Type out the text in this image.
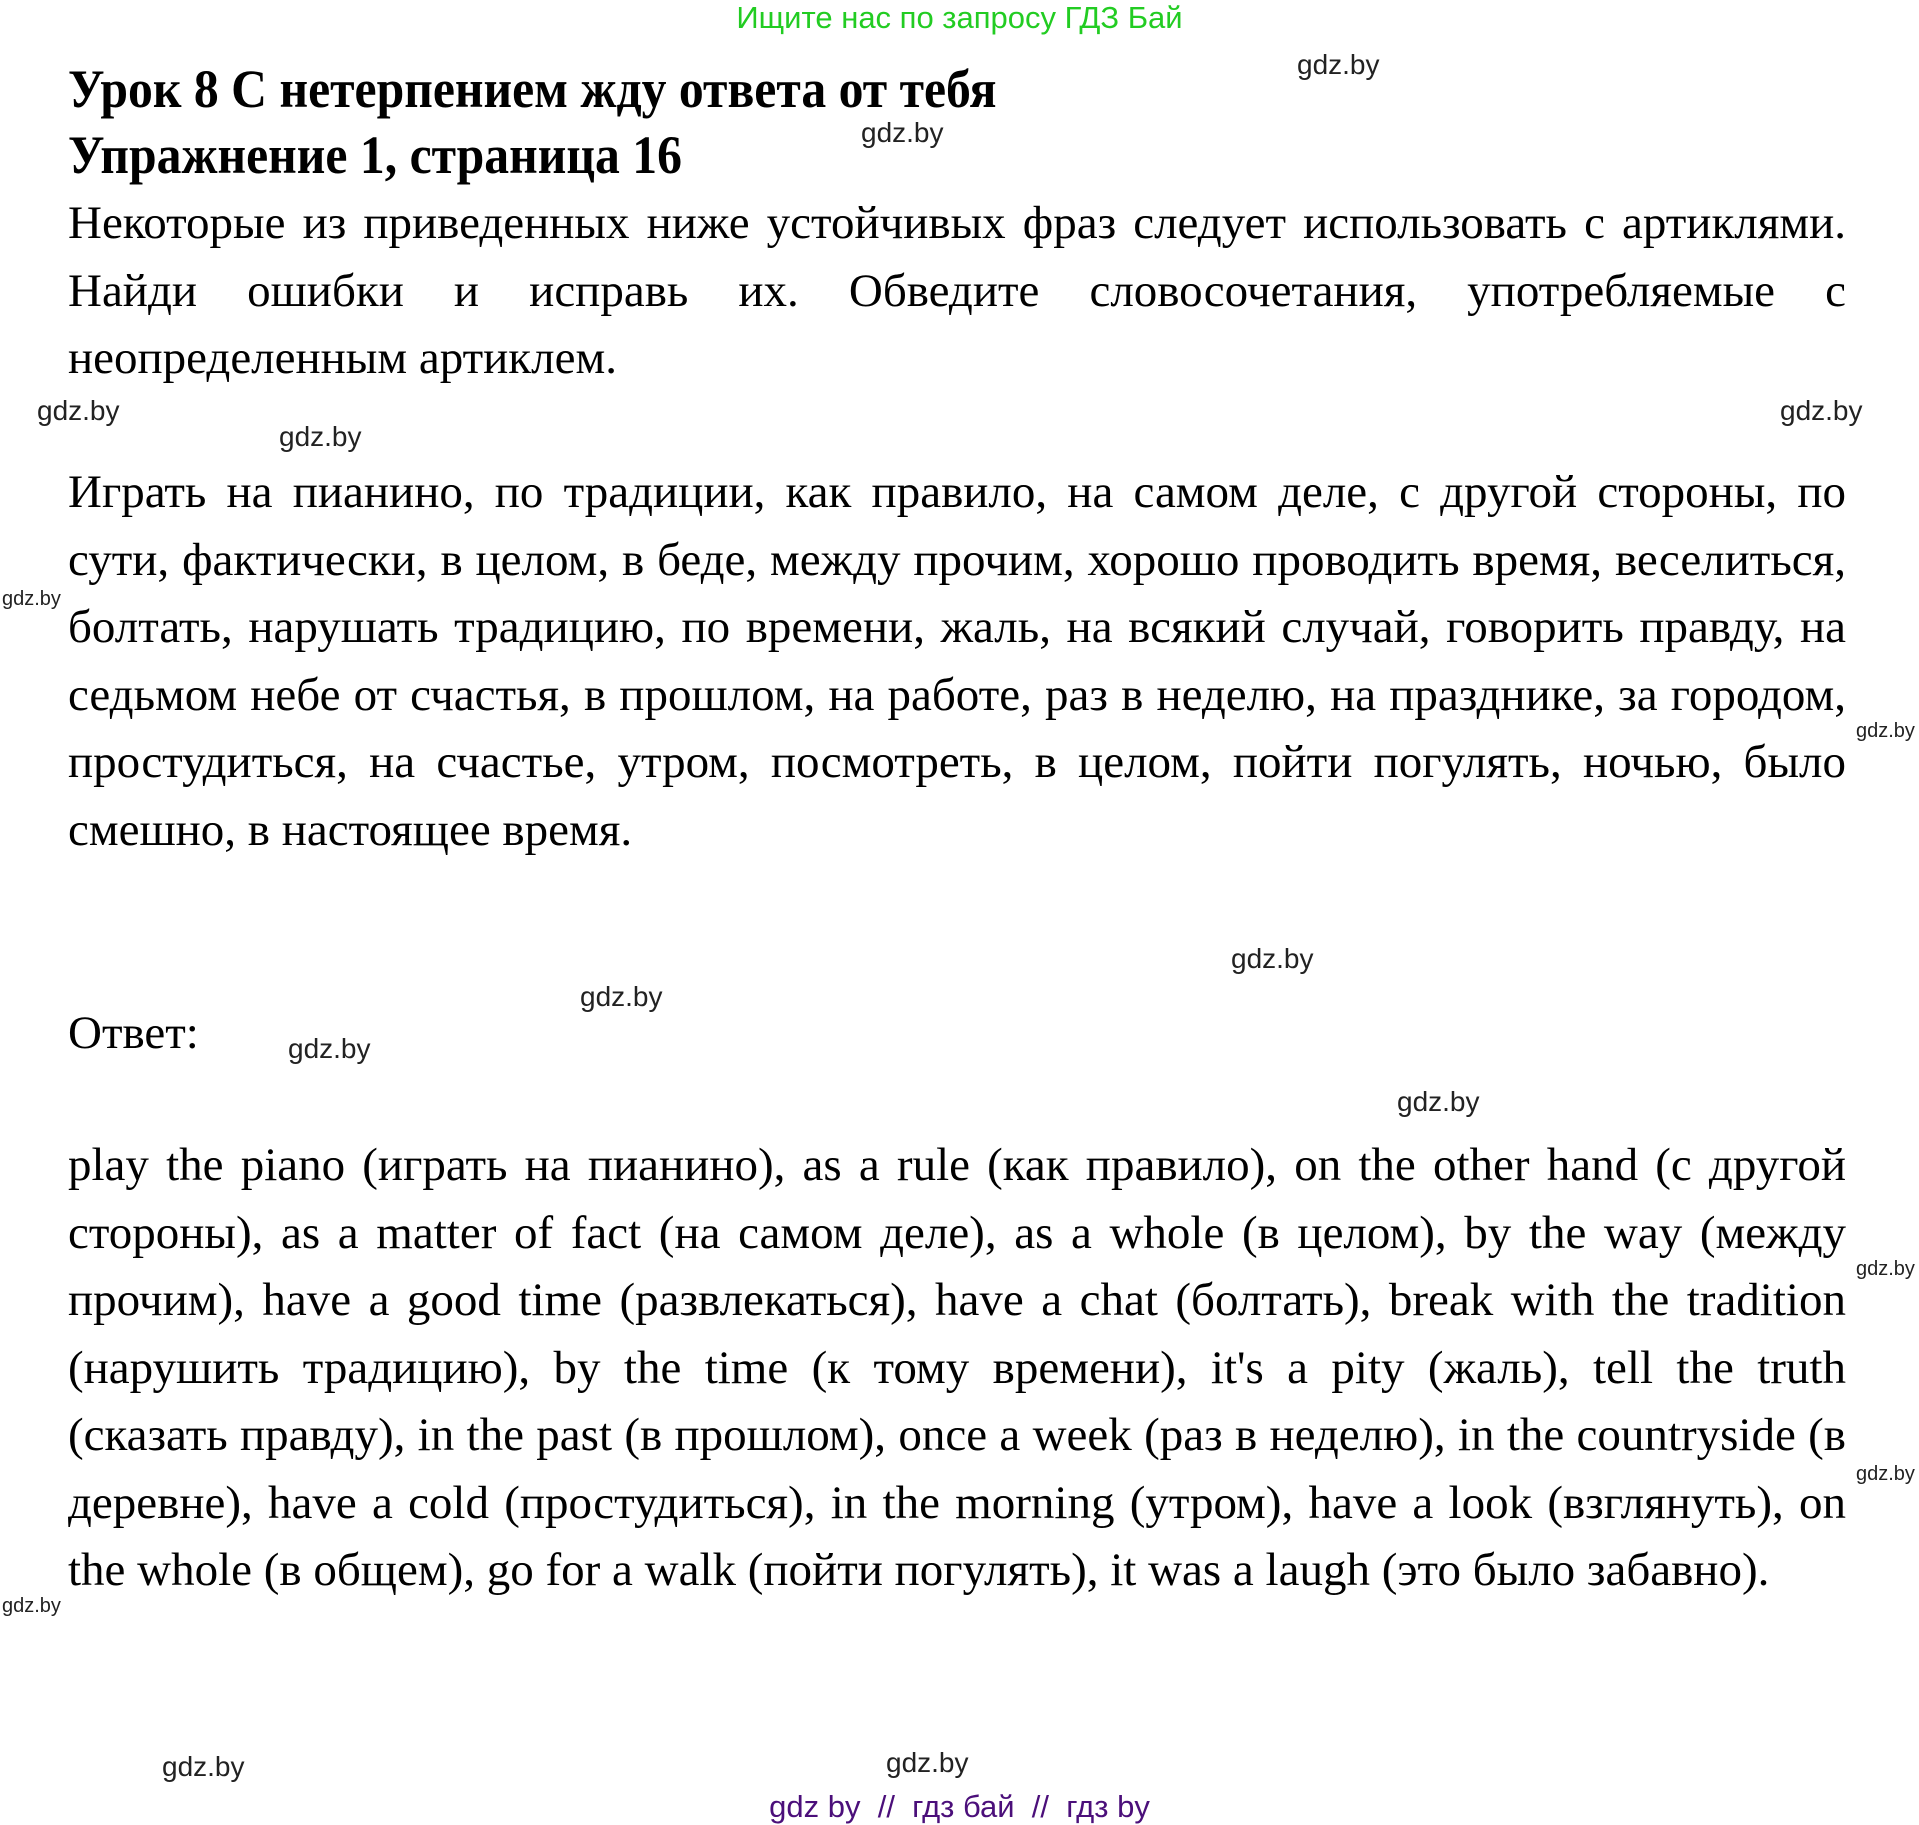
Ищите нас по запросу ГДЗ Бай
Урок 8 С нетерпением жду ответа от тебя
Упражнение 1, страница 16
Некоторые из приведенных ниже устойчивых фраз следует использовать с артиклями. Найди ошибки и исправь их. Обведите словосочетания, употребляемые с неопределенным артиклем.
Играть на пианино, по традиции, как правило, на самом деле, с другой стороны, по сути, фактически, в целом, в беде, между прочим, хорошо проводить время, веселиться, болтать, нарушать традицию, по времени, жаль, на всякий случай, говорить правду, на седьмом небе от счастья, в прошлом, на работе, раз в неделю, на празднике, за городом, простудиться, на счастье, утром, посмотреть, в целом, пойти погулять, ночью, было смешно, в настоящее время.
Ответ:
play the piano (играть на пианино), as a rule (как правило), on the other hand (с другой стороны), as a matter of fact (на самом деле), as a whole (в целом), by the way (между прочим), have a good time (развлекаться), have a chat (болтать), break with the tradition (нарушить традицию), by the time (к тому времени), it's a pity (жаль), tell the truth (сказать правду), in the past (в прошлом), once a week (раз в неделю), in the countryside (в деревне), have a cold (простудиться), in the morning (утром), have a look (взглянуть), on the whole (в общем), go for a walk (пойти погулять), it was a laugh (это было забавно).
gdz.by
gdz.by
gdz.by
gdz.by
gdz.by
gdz.by
gdz.by
gdz.by
gdz.by
gdz.by
gdz.by
gdz.by
gdz.by
gdz.by
gdz.by
gdz.by
gdz by  //  гдз бай  //  гдз by
